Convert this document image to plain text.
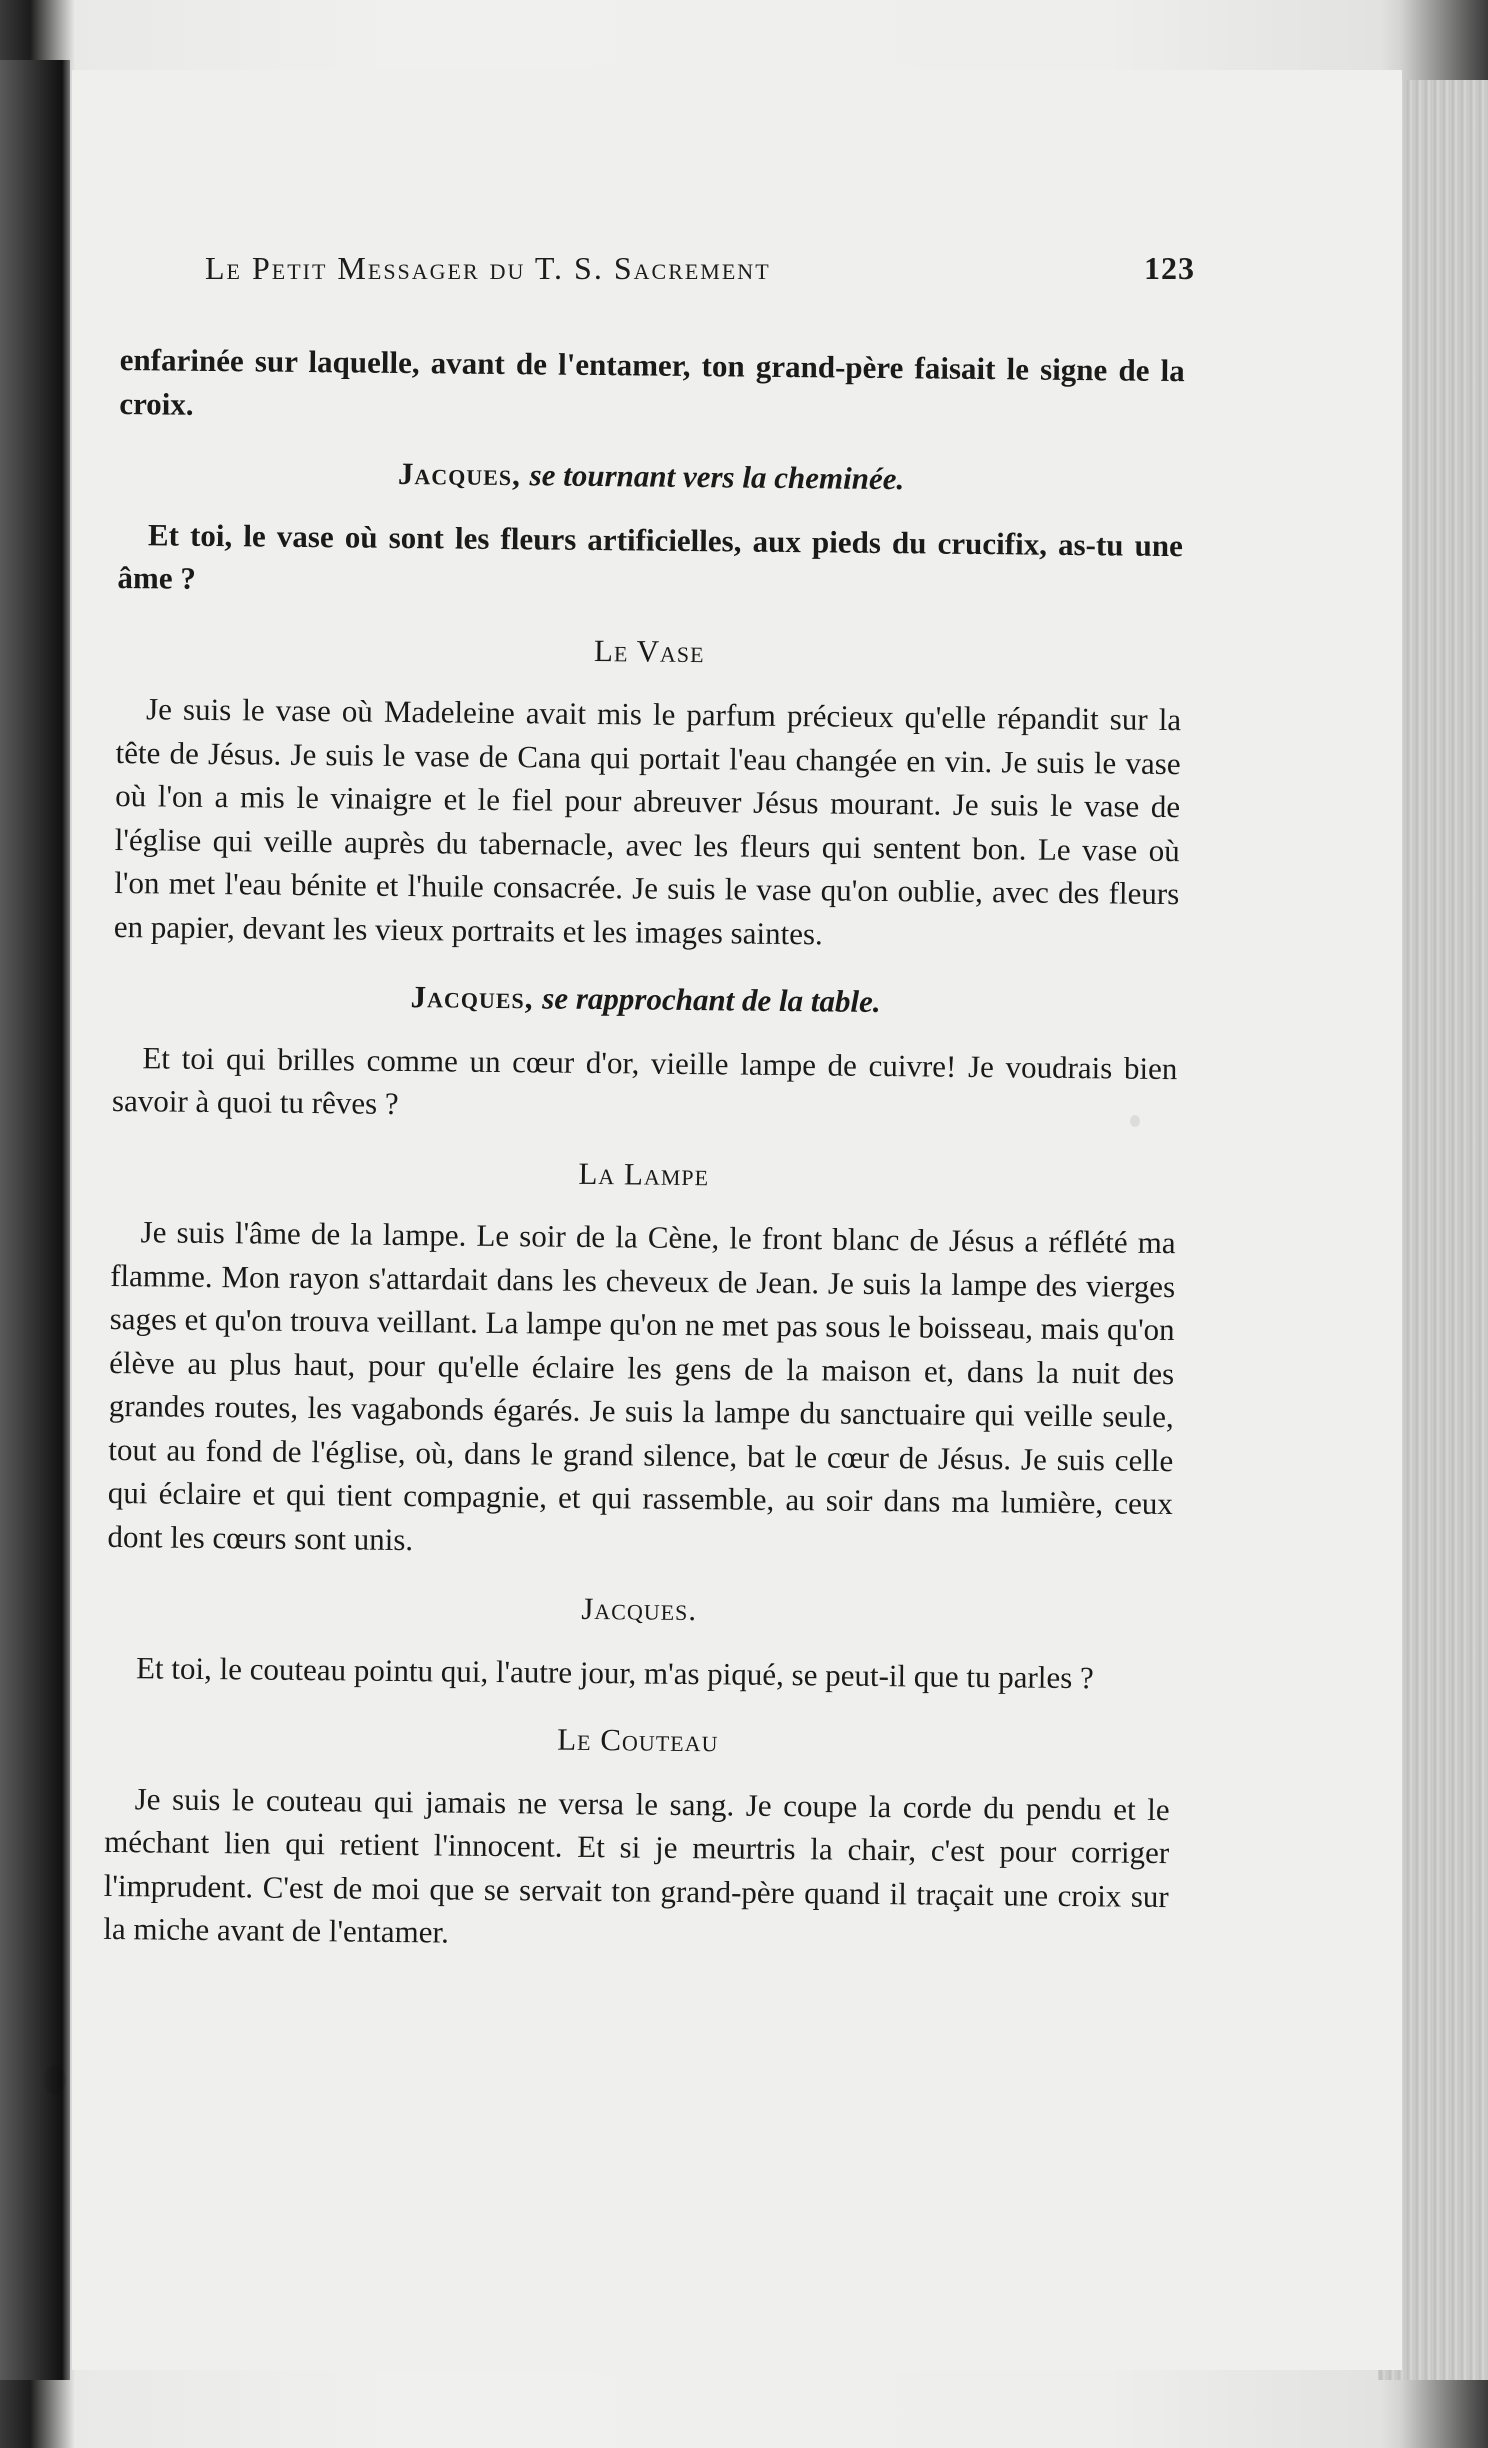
Le Petit Messager du T. S. Sacrement	123

enfarinée sur laquelle, avant de l'entamer, ton grand-père faisait le signe de la croix.

Jacques, se tournant vers la cheminée.

Et toi, le vase où sont les fleurs artificielles, aux pieds du crucifix, as-tu une âme ?

Le Vase

Je suis le vase où Madeleine avait mis le parfum précieux qu'elle répandit sur la tête de Jésus. Je suis le vase de Cana qui portait l'eau changée en vin. Je suis le vase où l'on a mis le vinaigre et le fiel pour abreuver Jésus mourant. Je suis le vase de l'église qui veille auprès du tabernacle, avec les fleurs qui sentent bon. Le vase où l'on met l'eau bénite et l'huile consacrée. Je suis le vase qu'on oublie, avec des fleurs en papier, devant les vieux portraits et les images saintes.

Jacques, se rapprochant de la table.

Et toi qui brilles comme un cœur d'or, vieille lampe de cuivre! Je voudrais bien savoir à quoi tu rêves ?

La Lampe

Je suis l'âme de la lampe. Le soir de la Cène, le front blanc de Jésus a réflété ma flamme. Mon rayon s'attardait dans les cheveux de Jean. Je suis la lampe des vierges sages et qu'on trouva veillant. La lampe qu'on ne met pas sous le boisseau, mais qu'on élève au plus haut, pour qu'elle éclaire les gens de la maison et, dans la nuit des grandes routes, les vagabonds égarés. Je suis la lampe du sanctuaire qui veille seule, tout au fond de l'église, où, dans le grand silence, bat le cœur de Jésus. Je suis celle qui éclaire et qui tient compagnie, et qui rassemble, au soir dans ma lumière, ceux dont les cœurs sont unis.

Jacques.

Et toi, le couteau pointu qui, l'autre jour, m'as piqué, se peut-il que tu parles ?

Le Couteau

Je suis le couteau qui jamais ne versa le sang. Je coupe la corde du pendu et le méchant lien qui retient l'innocent. Et si je meurtris la chair, c'est pour corriger l'imprudent. C'est de moi que se servait ton grand-père quand il traçait une croix sur la miche avant de l'entamer.
